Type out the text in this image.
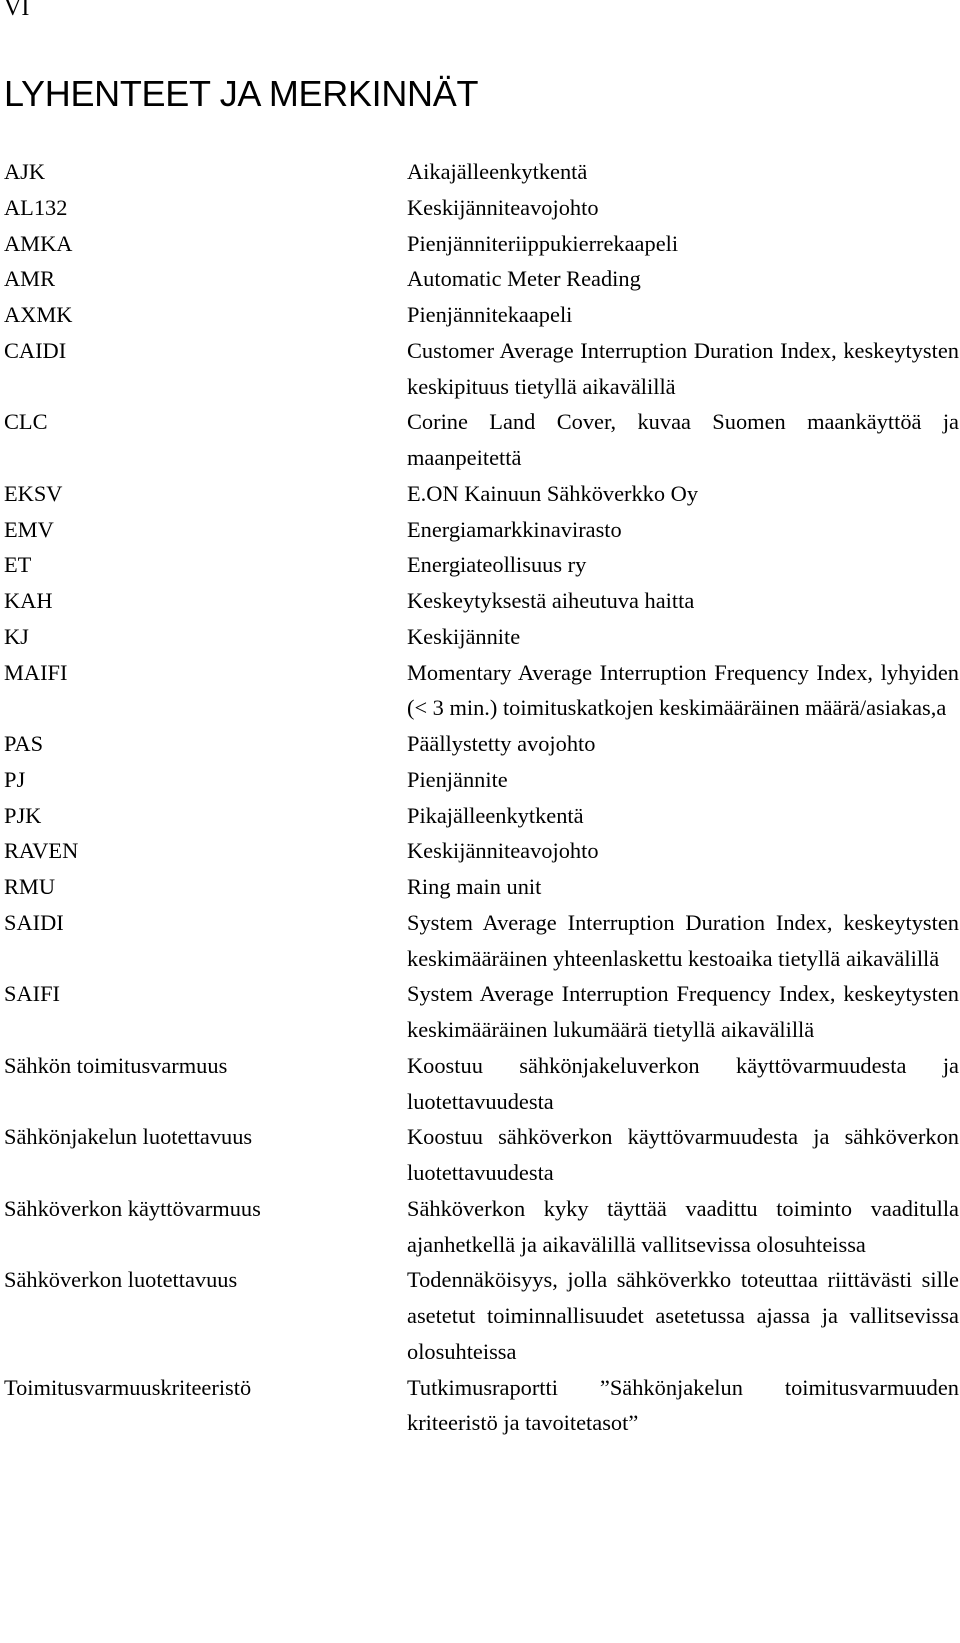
VI
LYHENTEET JA MERKINNÄT
AJK	Aikajälleenkytkentä
AL132	Keskijänniteavojohto
AMKA	Pienjänniteriippukierrekaapeli
AMR	Automatic Meter Reading
AXMK	Pienjännitekaapeli
CAIDI	Customer Average Interruption Duration Index, keskeytysten keskipituus tietyllä aikavälillä
CLC	Corine Land Cover, kuvaa Suomen maankäyttöä ja maanpeitettä
EKSV	E.ON Kainuun Sähköverkko Oy
EMV	Energiamarkkinavirasto
ET	Energiateollisuus ry
KAH	Keskeytyksestä aiheutuva haitta
KJ	Keskijännite
MAIFI	Momentary Average Interruption Frequency Index, lyhyiden (< 3 min.) toimituskatkojen keskimääräinen määrä/asiakas,a
PAS	Päällystetty avojohto
PJ	Pienjännite
PJK	Pikajälleenkytkentä
RAVEN	Keskijänniteavojohto
RMU	Ring main unit
SAIDI	System Average Interruption Duration Index, keskeytysten keskimääräinen yhteenlaskettu kestoaika tietyllä aikavälillä
SAIFI	System Average Interruption Frequency Index, keskeytysten keskimääräinen lukumäärä tietyllä aikavälillä
Sähkön toimitusvarmuus	Koostuu sähkönjakeluverkon käyttövarmuudesta ja luotettavuudesta
Sähkönjakelun luotettavuus	Koostuu sähköverkon käyttövarmuudesta ja sähköverkon luotettavuudesta
Sähköverkon käyttövarmuus	Sähköverkon kyky täyttää vaadittu toiminto vaaditulla ajanhetkellä ja aikavälillä vallitsevissa olosuhteissa
Sähköverkon luotettavuus	Todennäköisyys, jolla sähköverkko toteuttaa riittävästi sille asetetut toiminnallisuudet asetetussa ajassa ja vallitsevissa olosuhteissa
Toimitusvarmuuskriteeristö	Tutkimusraportti ”Sähkönjakelun toimitusvarmuuden kriteeristö ja tavoitetasot”
